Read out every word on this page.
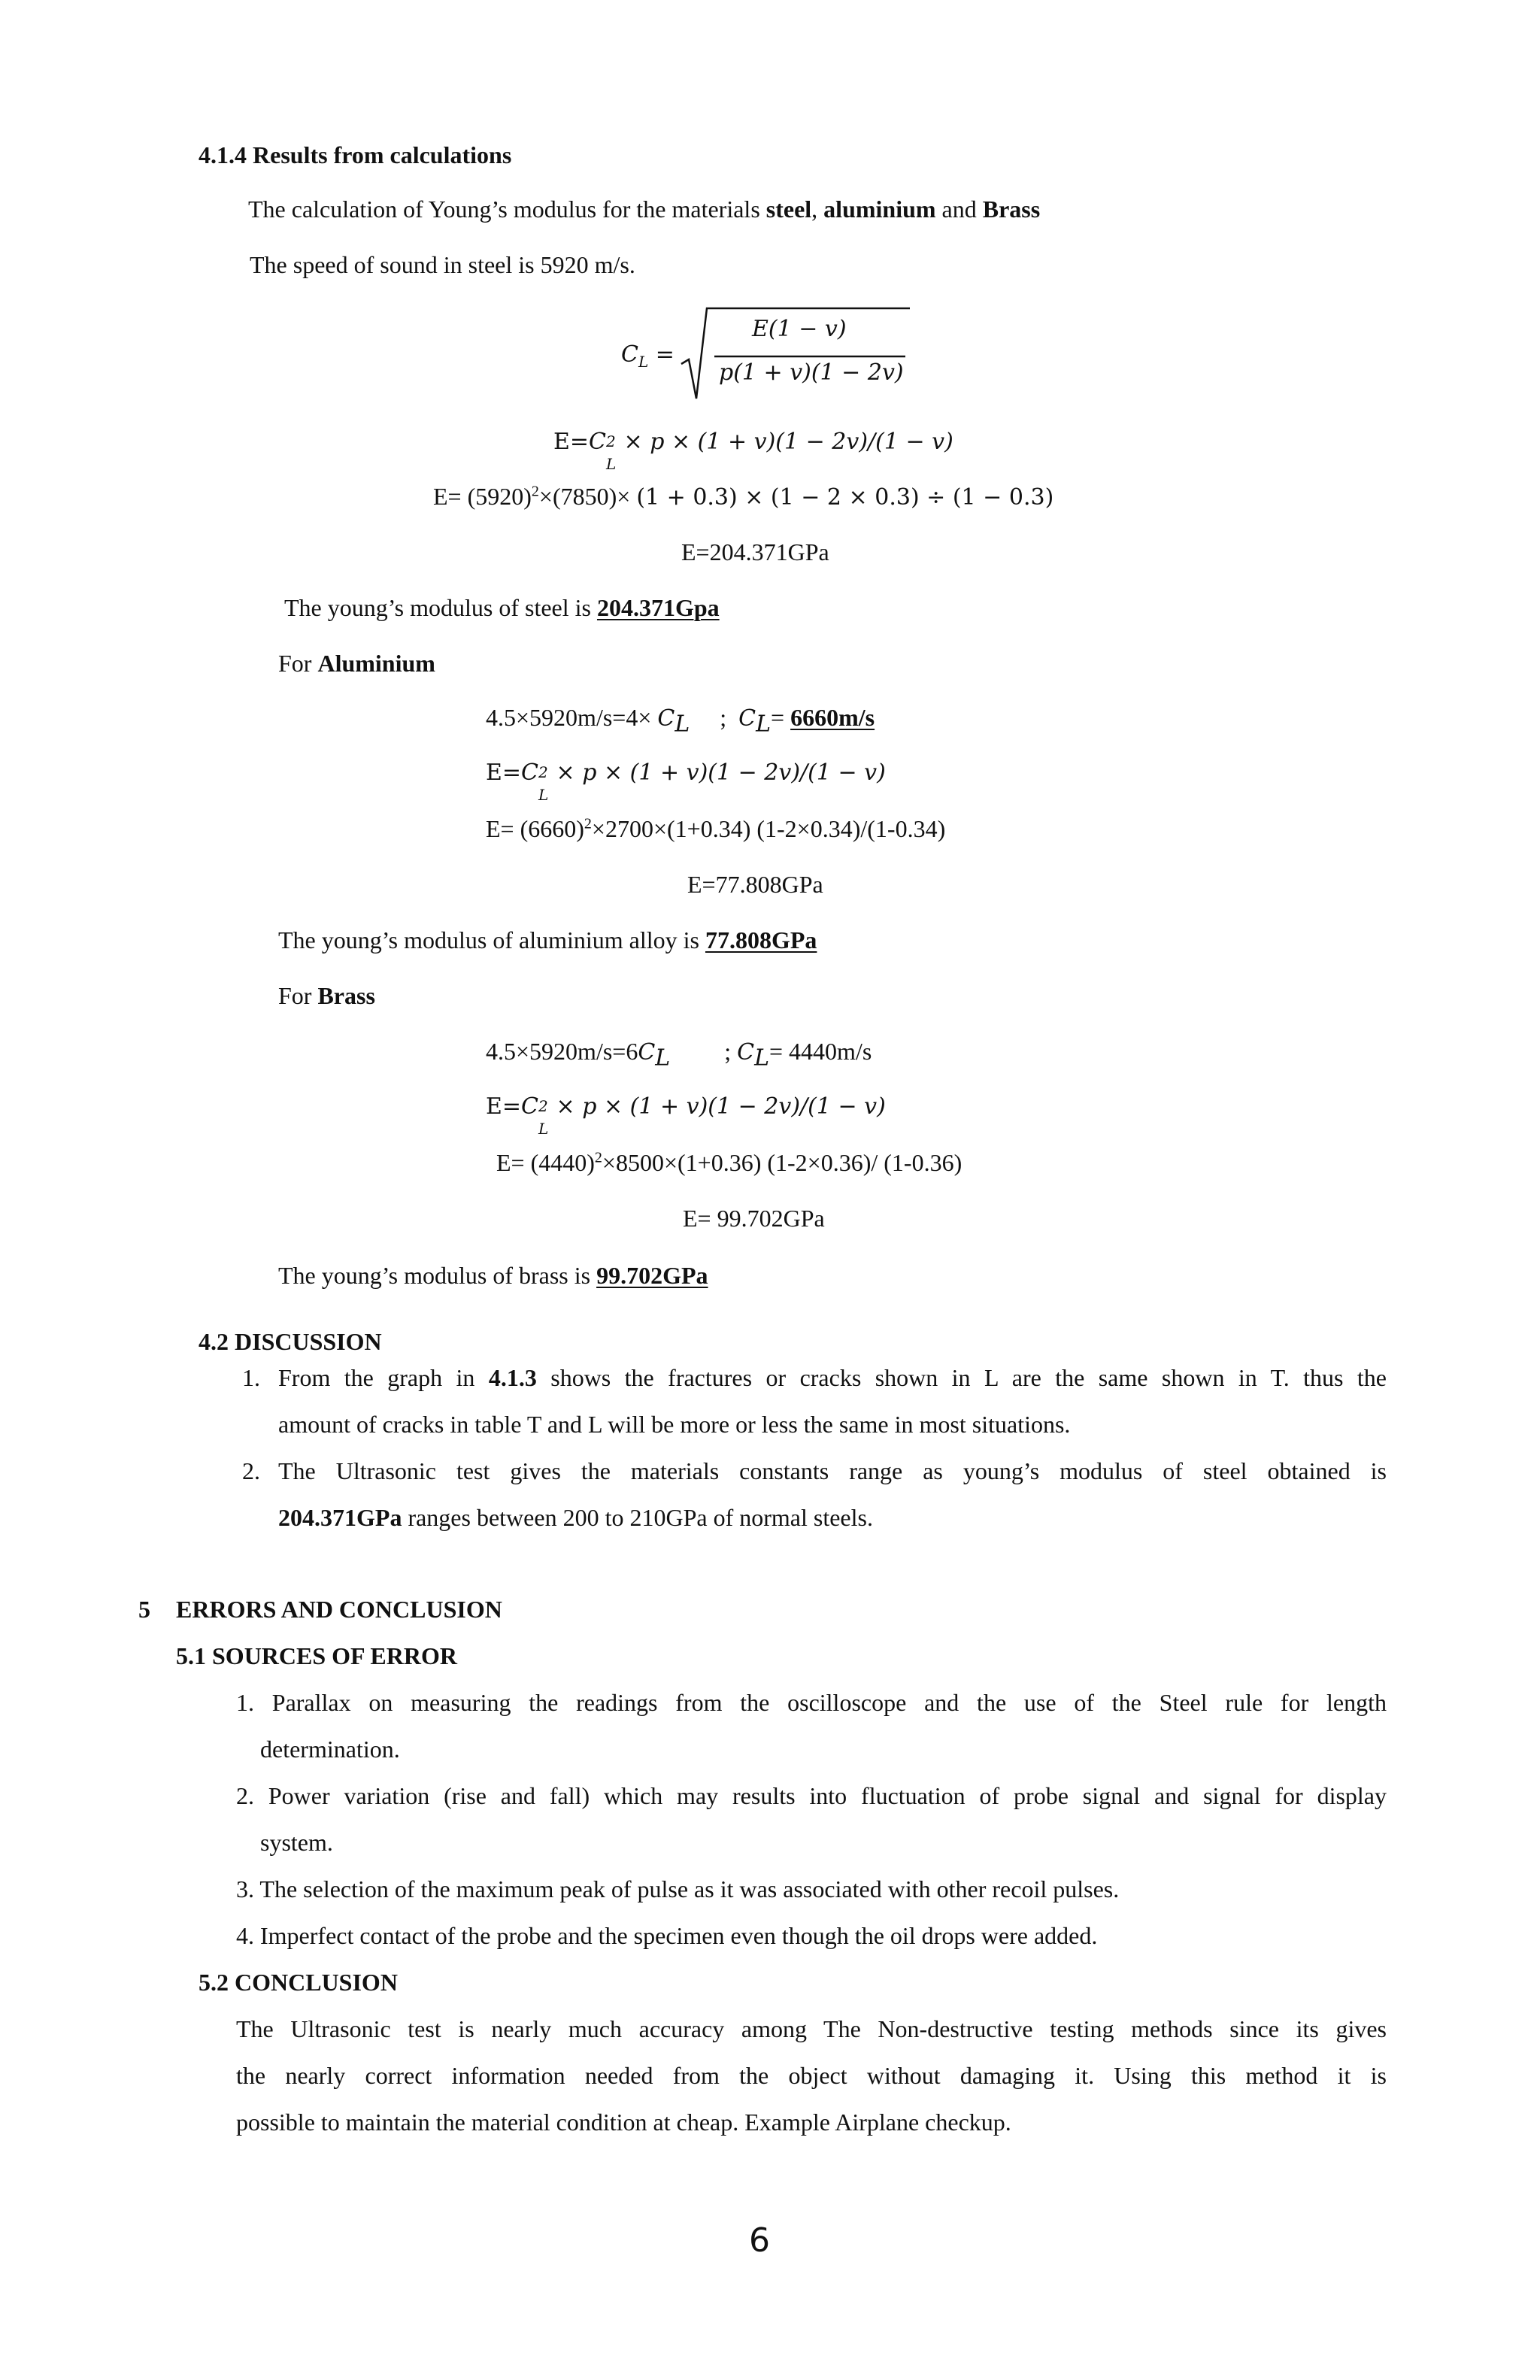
4.1.4 Results from calculations
The calculation of Young’s modulus for the materials steel, aluminium and Brass
The speed of sound in steel is 5920 m/s.
$C_L$ =
E(1 − v)
p(1 + v)(1 − 2v)
E=C 2
L
× p × (1 + v)(1 − 2v)/(1 − v)
$E= (5920)^2\times(7850)\times (1 + 0.3) \times (1 - 2 \times 0.3) \div (1 - 0.3)$
E=204.371GPa
The young’s modulus of steel is 204.371Gpa
For Aluminium
$4.5\times 5920m/s=4\times C_L$     ;  $C_L= 6660m/s$
E=C 2
L
× p × (1 + v)(1 − 2v)/(1 − v)
$E= (6660)^2\times 2700\times(1+0.34)$ (1-2×0.34)/(1-0.34)
E=77.808GPa
The young’s modulus of aluminium alloy is 77.808GPa
For Brass
$4.5\times 5920m/s=6C_L$         ; $C_L= 4440m/s$
E=C 2
L
× p × (1 + v)(1 − 2v)/(1 − v)
$E= (4440)^2\times 8500\times(1+0.36)$ (1-2×0.36)/ (1-0.36)
E= 99.702GPa
The young’s modulus of brass is 99.702GPa
4.2 DISCUSSION
1. From the graph in 4.1.3 shows the fractures or cracks shown in L are the same shown in T. thus the
amount of cracks in table T and L will be more or less the same in most situations.
2. The Ultrasonic test gives the materials constants range as young’s modulus of steel obtained is
204.371GPa ranges between 200 to 210GPa of normal steels.
5 ERRORS AND CONCLUSION
5.1 SOURCES OF ERROR
1. Parallax on measuring the readings from the oscilloscope and the use of the Steel rule for length
determination.
2. Power variation (rise and fall) which may results into fluctuation of probe signal and signal for display
system.
3. The selection of the maximum peak of pulse as it was associated with other recoil pulses.
4. Imperfect contact of the probe and the specimen even though the oil drops were added.
5.2 CONCLUSION
The Ultrasonic test is nearly much accuracy among The Non-destructive testing methods since its gives
the nearly correct information needed from the object without damaging it. Using this method it is
possible to maintain the material condition at cheap. Example Airplane checkup.
6
